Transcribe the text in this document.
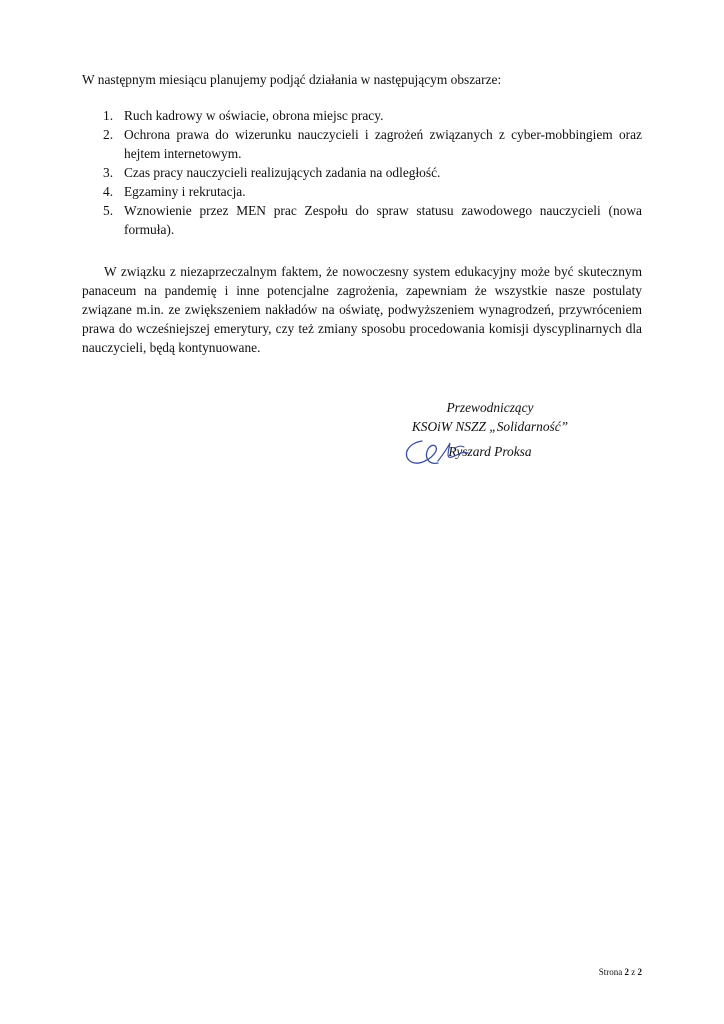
W następnym miesiącu planujemy podjąć działania w następującym obszarze:
1. Ruch kadrowy w oświacie, obrona miejsc pracy.
2. Ochrona prawa do wizerunku nauczycieli i zagrożeń związanych z cyber-mobbingiem oraz hejtem internetowym.
3. Czas pracy nauczycieli realizujących zadania na odległość.
4. Egzaminy i rekrutacja.
5. Wznowienie przez MEN prac Zespołu do spraw statusu zawodowego nauczycieli (nowa formuła).

W związku z niezaprzeczalnym faktem, że nowoczesny system edukacyjny może być skutecznym panaceum na pandemię i inne potencjalne zagrożenia, zapewniam że wszystkie nasze postulaty związane m.in. ze zwiększeniem nakładów na oświatę, podwyższeniem wynagrodzeń, przywróceniem prawa do wcześniejszej emerytury, czy też zmiany sposobu procedowania komisji dyscyplinarnych dla nauczycieli, będą kontynuowane.

Przewodniczący
KSOiW NSZZ „Solidarność”
Ryszard Proksa
Strona 2 z 2
